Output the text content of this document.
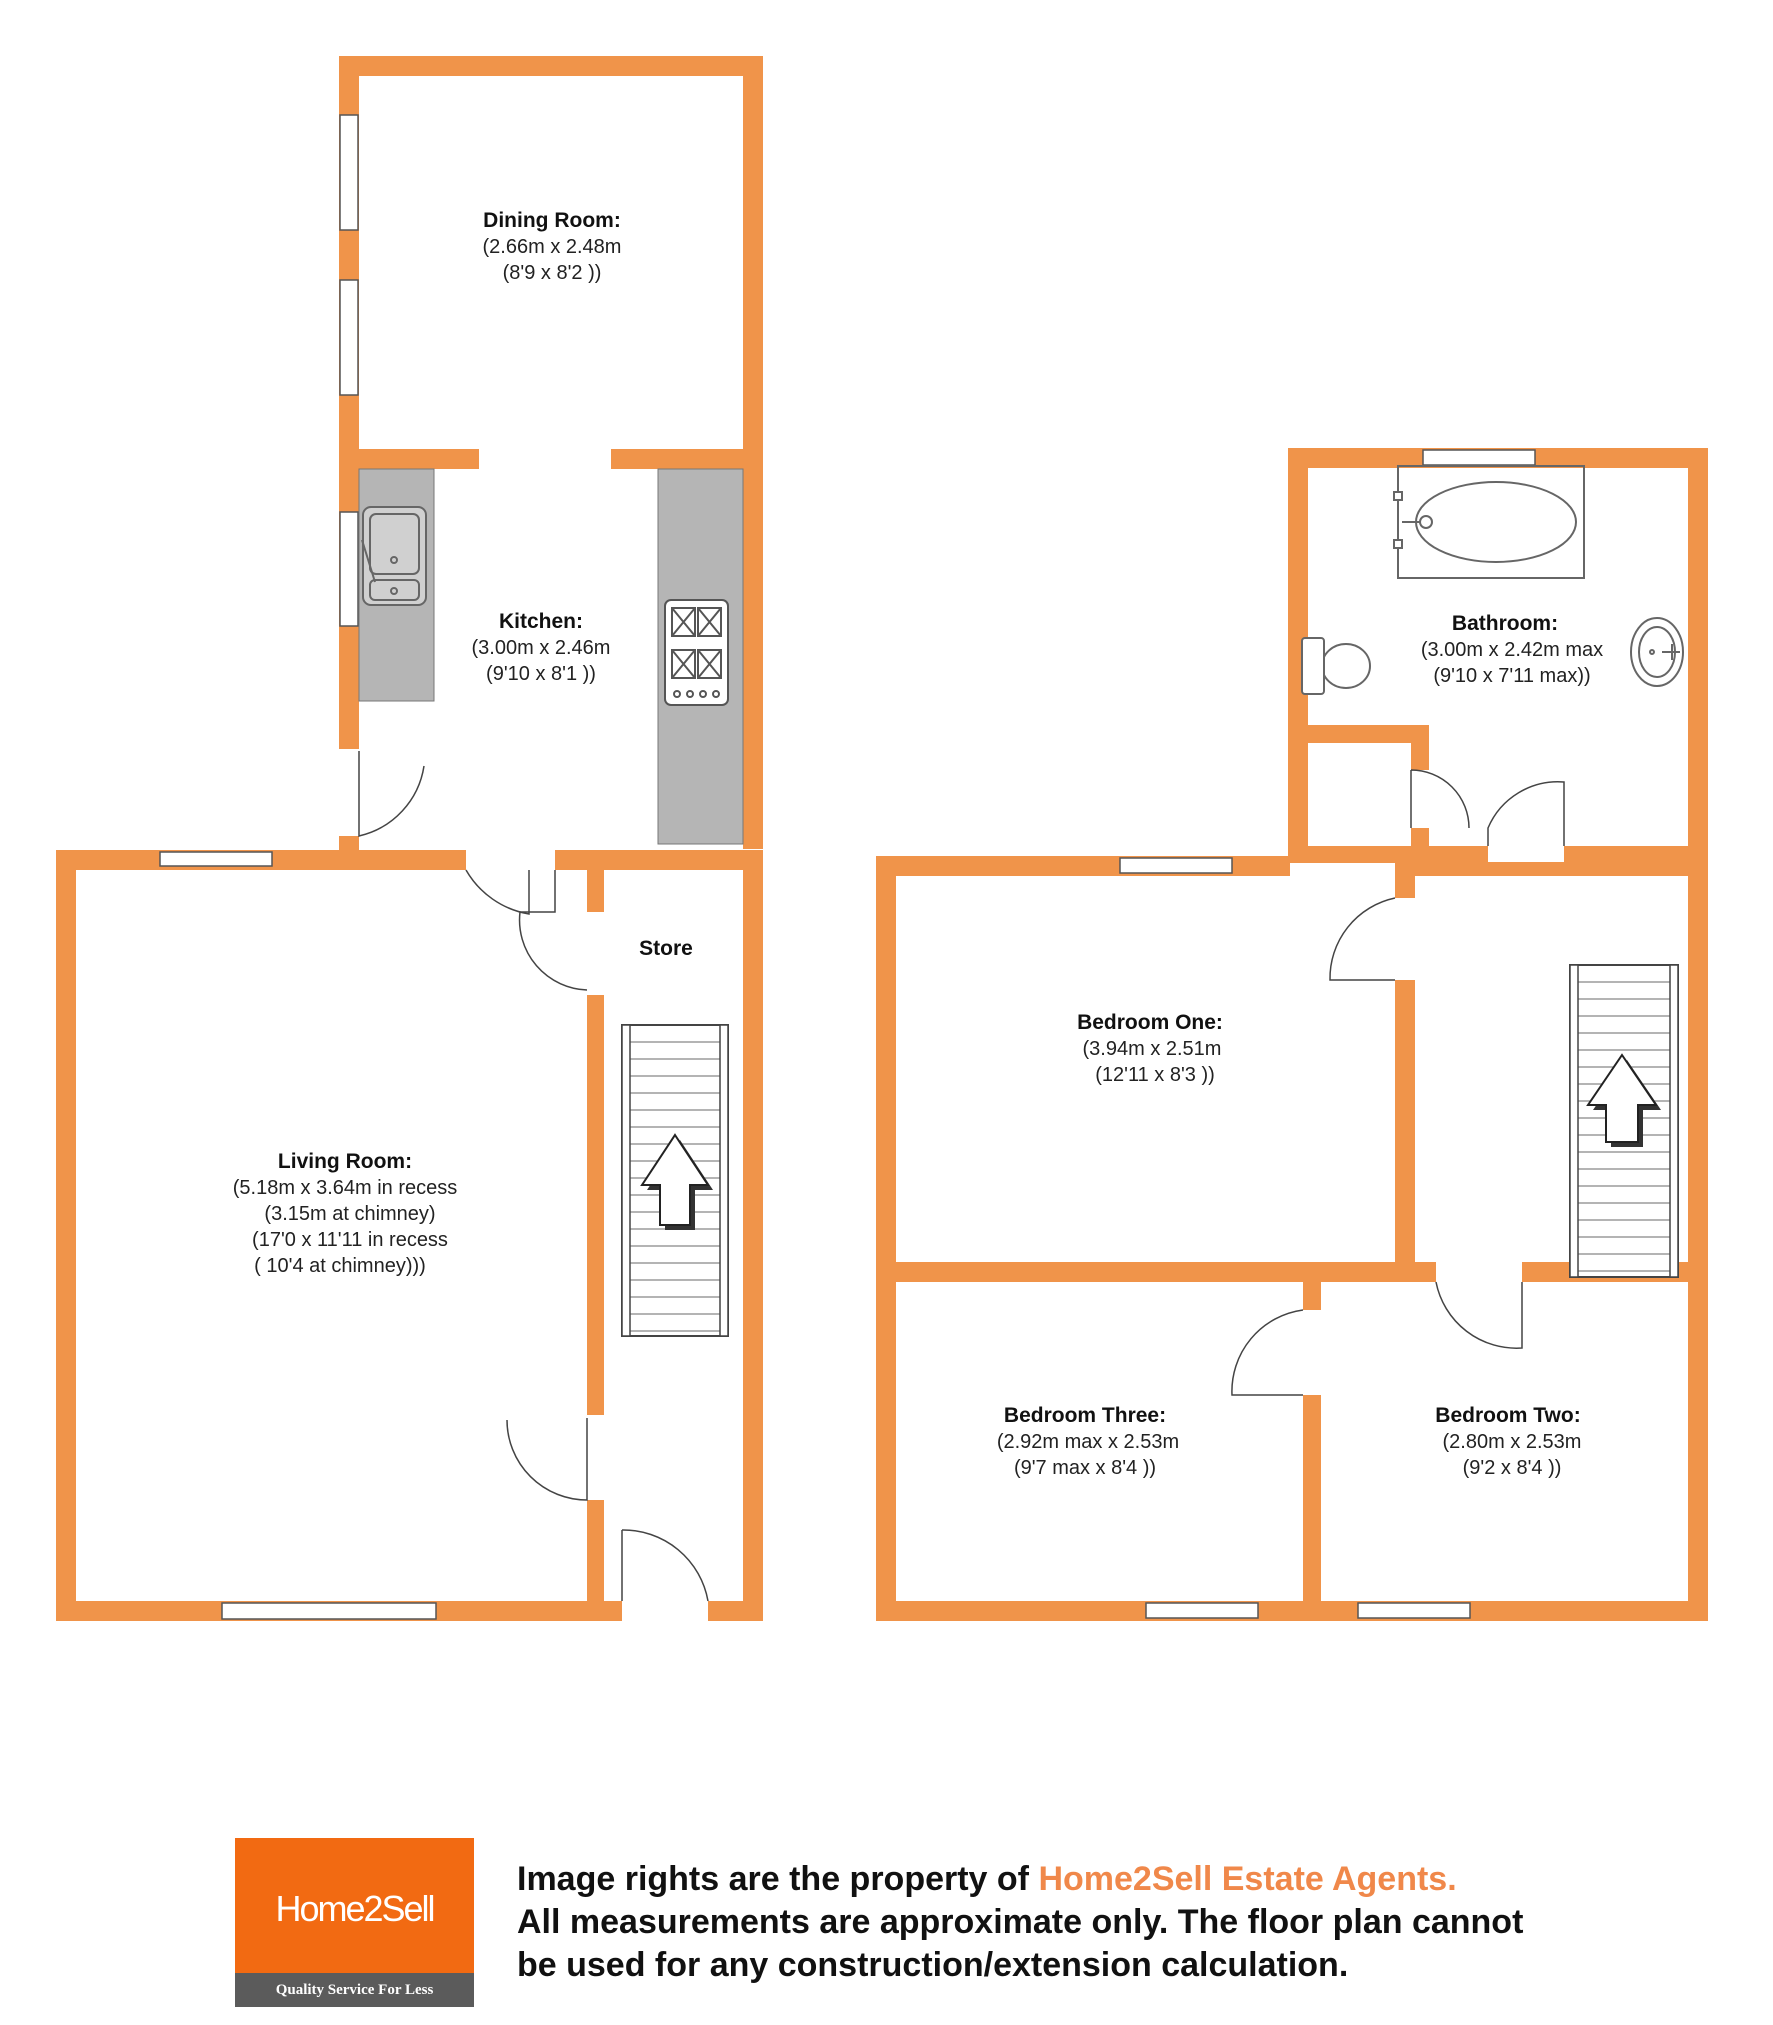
Dining Room:
(2.66m x 2.48m
(8'9 x 8'2 ))
Kitchen:
(3.00m x 2.46m
(9'10 x 8'1 ))
Store
Living Room:
(5.18m x 3.64m in recess
(3.15m at chimney)
(17'0 x 11'11 in recess
( 10'4 at chimney)))
Bathroom:
(3.00m x 2.42m max
(9'10 x 7'11 max))
Bedroom One:
(3.94m x 2.51m
(12'11 x 8'3 ))
Bedroom Three:
(2.92m max x 2.53m
(9'7 max x 8'4 ))
Bedroom Two:
(2.80m x 2.53m
(9'2 x 8'4 ))
Home2Sell
Quality Service For Less
Image rights are the property of Home2Sell Estate Agents.
All measurements are approximate only. The floor plan cannot
be used for any construction/extension calculation.
